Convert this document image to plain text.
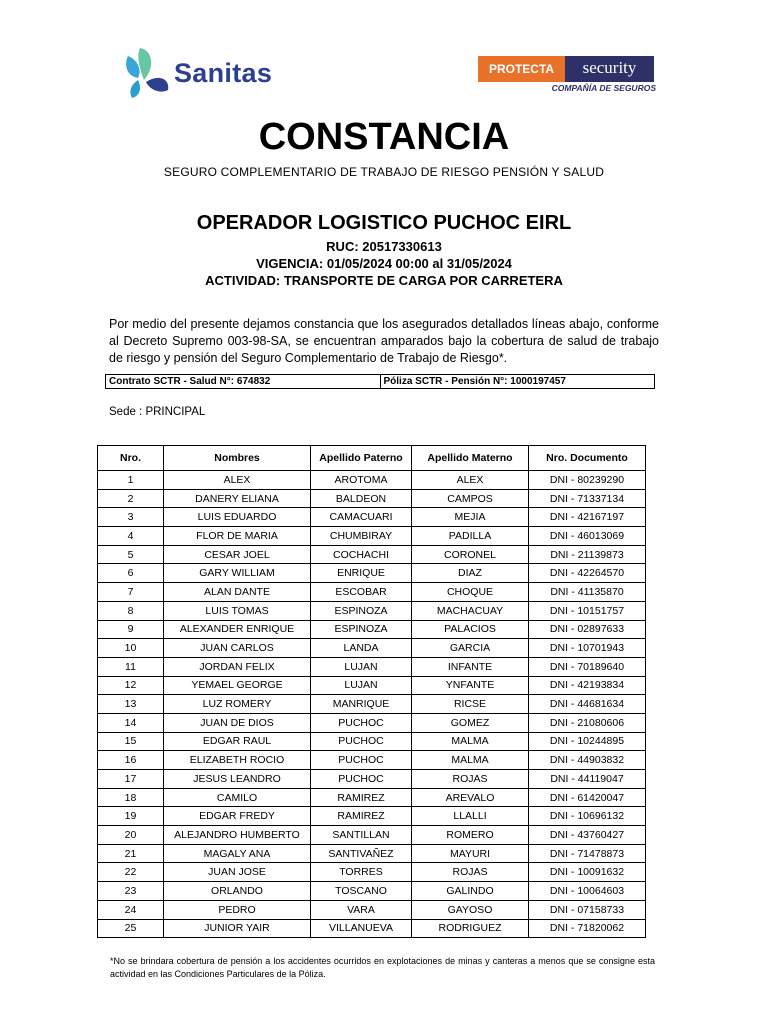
Sanitas	PROTECTA	security
COMPAÑÍA DE SEGUROS
CONSTANCIA
SEGURO COMPLEMENTARIO DE TRABAJO DE RIESGO PENSIÓN Y SALUD
OPERADOR LOGISTICO PUCHOC EIRL
RUC: 20517330613
VIGENCIA: 01/05/2024 00:00 al 31/05/2024
ACTIVIDAD: TRANSPORTE DE CARGA POR CARRETERA
Por medio del presente dejamos constancia que los asegurados detallados líneas abajo, conforme al Decreto Supremo 003-98-SA, se encuentran amparados bajo la cobertura de salud de trabajo de riesgo y pensión del Seguro Complementario de Trabajo de Riesgo*.
Contrato SCTR - Salud N°: 674832	Póliza SCTR - Pensión N°: 1000197457
Sede : PRINCIPAL
Nro.	Nombres	Apellido Paterno	Apellido Materno	Nro. Documento
1	ALEX	AROTOMA	ALEX	DNI - 80239290
2	DANERY ELIANA	BALDEON	CAMPOS	DNI - 71337134
3	LUIS EDUARDO	CAMACUARI	MEJIA	DNI - 42167197
4	FLOR DE MARIA	CHUMBIRAY	PADILLA	DNI - 46013069
5	CESAR JOEL	COCHACHI	CORONEL	DNI - 21139873
6	GARY WILLIAM	ENRIQUE	DIAZ	DNI - 42264570
7	ALAN DANTE	ESCOBAR	CHOQUE	DNI - 41135870
8	LUIS TOMAS	ESPINOZA	MACHACUAY	DNI - 10151757
9	ALEXANDER ENRIQUE	ESPINOZA	PALACIOS	DNI - 02897633
10	JUAN CARLOS	LANDA	GARCIA	DNI - 10701943
11	JORDAN FELIX	LUJAN	INFANTE	DNI - 70189640
12	YEMAEL GEORGE	LUJAN	YNFANTE	DNI - 42193834
13	LUZ ROMERY	MANRIQUE	RICSE	DNI - 44681634
14	JUAN DE DIOS	PUCHOC	GOMEZ	DNI - 21080606
15	EDGAR RAUL	PUCHOC	MALMA	DNI - 10244895
16	ELIZABETH ROCIO	PUCHOC	MALMA	DNI - 44903832
17	JESUS LEANDRO	PUCHOC	ROJAS	DNI - 44119047
18	CAMILO	RAMIREZ	AREVALO	DNI - 61420047
19	EDGAR FREDY	RAMIREZ	LLALLI	DNI - 10696132
20	ALEJANDRO HUMBERTO	SANTILLAN	ROMERO	DNI - 43760427
21	MAGALY ANA	SANTIVAÑEZ	MAYURI	DNI - 71478873
22	JUAN JOSE	TORRES	ROJAS	DNI - 10091632
23	ORLANDO	TOSCANO	GALINDO	DNI - 10064603
24	PEDRO	VARA	GAYOSO	DNI - 07158733
25	JUNIOR YAIR	VILLANUEVA	RODRIGUEZ	DNI - 71820062
*No se brindara cobertura de pensión a los accidentes ocurridos en explotaciones de minas y canteras a menos que se consigne esta actividad en las Condiciones Particulares de la Póliza.
